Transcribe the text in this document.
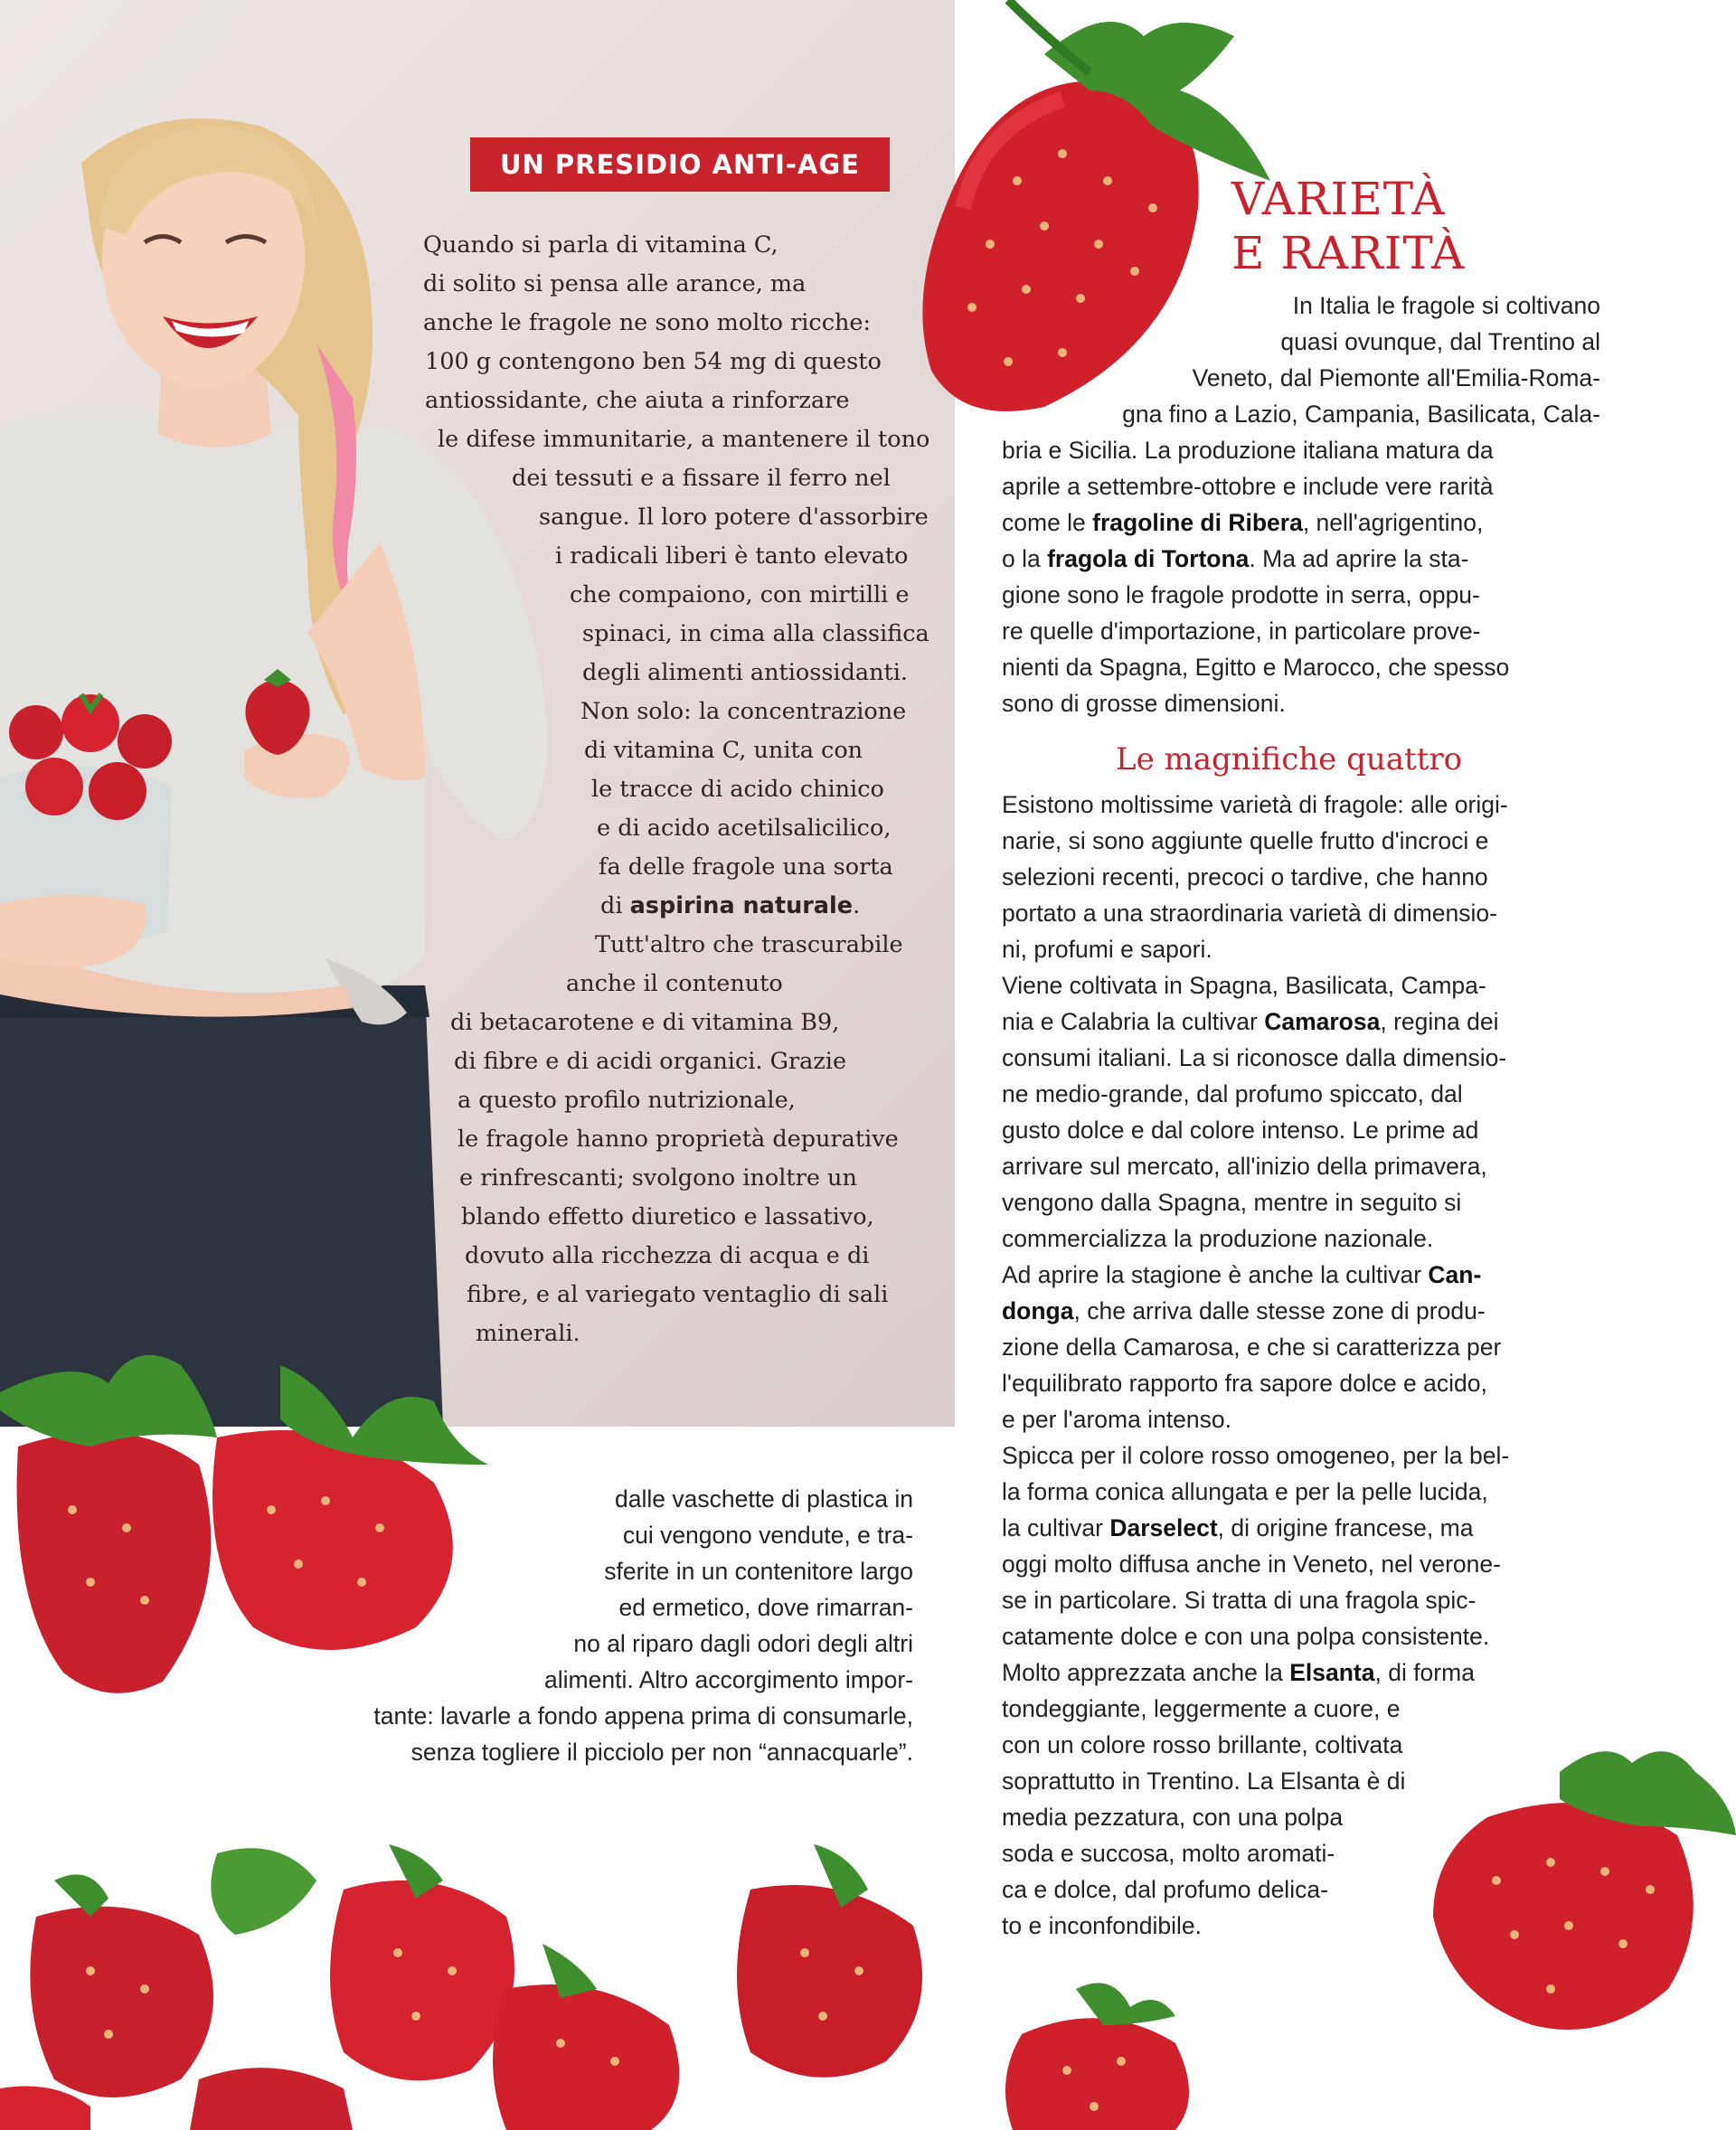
UN PRESIDIO ANTI-AGE
Quando si parla di vitamina C,
di solito si pensa alle arance, ma
anche le fragole ne sono molto ricche:
100 g contengono ben 54 mg di questo
antiossidante, che aiuta a rinforzare
le difese immunitarie, a mantenere il tono
dei tessuti e a fissare il ferro nel
sangue. Il loro potere d'assorbire
i radicali liberi è tanto elevato
che compaiono, con mirtilli e
spinaci, in cima alla classifica
degli alimenti antiossidanti.
Non solo: la concentrazione
di vitamina C, unita con
le tracce di acido chinico
e di acido acetilsalicilico,
fa delle fragole una sorta
di aspirina naturale.
Tutt'altro che trascurabile
anche il contenuto
di betacarotene e di vitamina B9,
di fibre e di acidi organici. Grazie
a questo profilo nutrizionale,
le fragole hanno proprietà depurative
e rinfrescanti; svolgono inoltre un
blando effetto diuretico e lassativo,
dovuto alla ricchezza di acqua e di
fibre, e al variegato ventaglio di sali
minerali.
VARIETÀ
E RARITÀ
In Italia le fragole si coltivano
quasi ovunque, dal Trentino al
Veneto, dal Piemonte all'Emilia-Roma-
gna fino a Lazio, Campania, Basilicata, Cala-
bria e Sicilia. La produzione italiana matura da
aprile a settembre-ottobre e include vere rarità
come le fragoline di Ribera, nell'agrigentino,
o la fragola di Tortona. Ma ad aprire la sta-
gione sono le fragole prodotte in serra, oppu-
re quelle d'importazione, in particolare prove-
nienti da Spagna, Egitto e Marocco, che spesso
sono di grosse dimensioni.
Le magnifiche quattro
Esistono moltissime varietà di fragole: alle origi-
narie, si sono aggiunte quelle frutto d'incroci e
selezioni recenti, precoci o tardive, che hanno
portato a una straordinaria varietà di dimensio-
ni, profumi e sapori.
Viene coltivata in Spagna, Basilicata, Campa-
nia e Calabria la cultivar Camarosa, regina dei
consumi italiani. La si riconosce dalla dimensio-
ne medio-grande, dal profumo spiccato, dal
gusto dolce e dal colore intenso. Le prime ad
arrivare sul mercato, all'inizio della primavera,
vengono dalla Spagna, mentre in seguito si
commercializza la produzione nazionale.
Ad aprire la stagione è anche la cultivar Can-
donga, che arriva dalle stesse zone di produ-
zione della Camarosa, e che si caratterizza per
l'equilibrato rapporto fra sapore dolce e acido,
e per l'aroma intenso.
Spicca per il colore rosso omogeneo, per la bel-
la forma conica allungata e per la pelle lucida,
la cultivar Darselect, di origine francese, ma
oggi molto diffusa anche in Veneto, nel verone-
se in particolare. Si tratta di una fragola spic-
catamente dolce e con una polpa consistente.
Molto apprezzata anche la Elsanta, di forma
tondeggiante, leggermente a cuore, e
con un colore rosso brillante, coltivata
soprattutto in Trentino. La Elsanta è di
media pezzatura, con una polpa
soda e succosa, molto aromati-
ca e dolce, dal profumo delica-
to e inconfondibile.
dalle vaschette di plastica in
cui vengono vendute, e tra-
sferite in un contenitore largo
ed ermetico, dove rimarran-
no al riparo dagli odori degli altri
alimenti. Altro accorgimento impor-
tante: lavarle a fondo appena prima di consumarle,
senza togliere il picciolo per non “annacquarle”.
